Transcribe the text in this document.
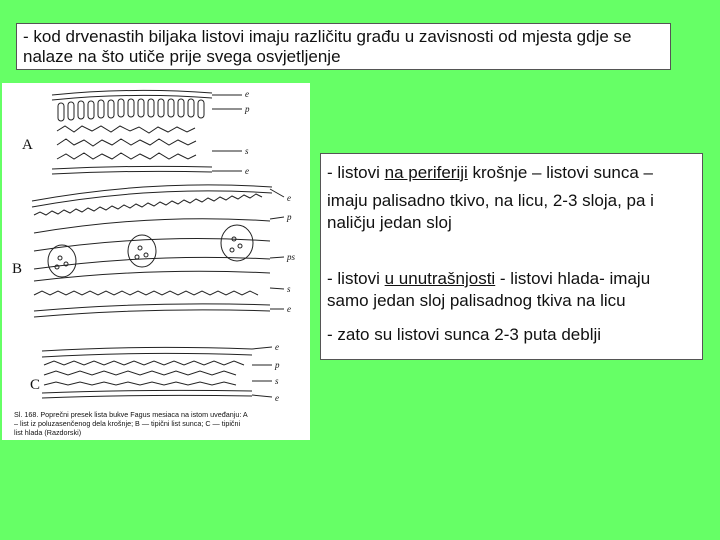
- kod drvenastih biljaka listovi imaju različitu građu u zavisnosti od mjesta gdje se nalaze na što utiče prije svega osvjetljenje
A
e
p
s
e
B
e
p
ps
s
e
C
e
p
s
e
Sl. 168. Poprečni presek lista bukve Fagus mesiaca na istom uveđanju: A
– list iz poluzasenčenog dela krošnje; B — tipični list sunca; C — tipični
list hlada (Razdorski)

- listovi na periferiji krošnje – listovi sunca –

imaju palisadno tkivo, na licu, 2-3 sloja, pa i naličju jedan sloj

- listovi u unutrašnjosti - listovi hlada- imaju samo jedan sloj palisadnog tkiva na licu

- zato su listovi sunca 2-3 puta deblji
